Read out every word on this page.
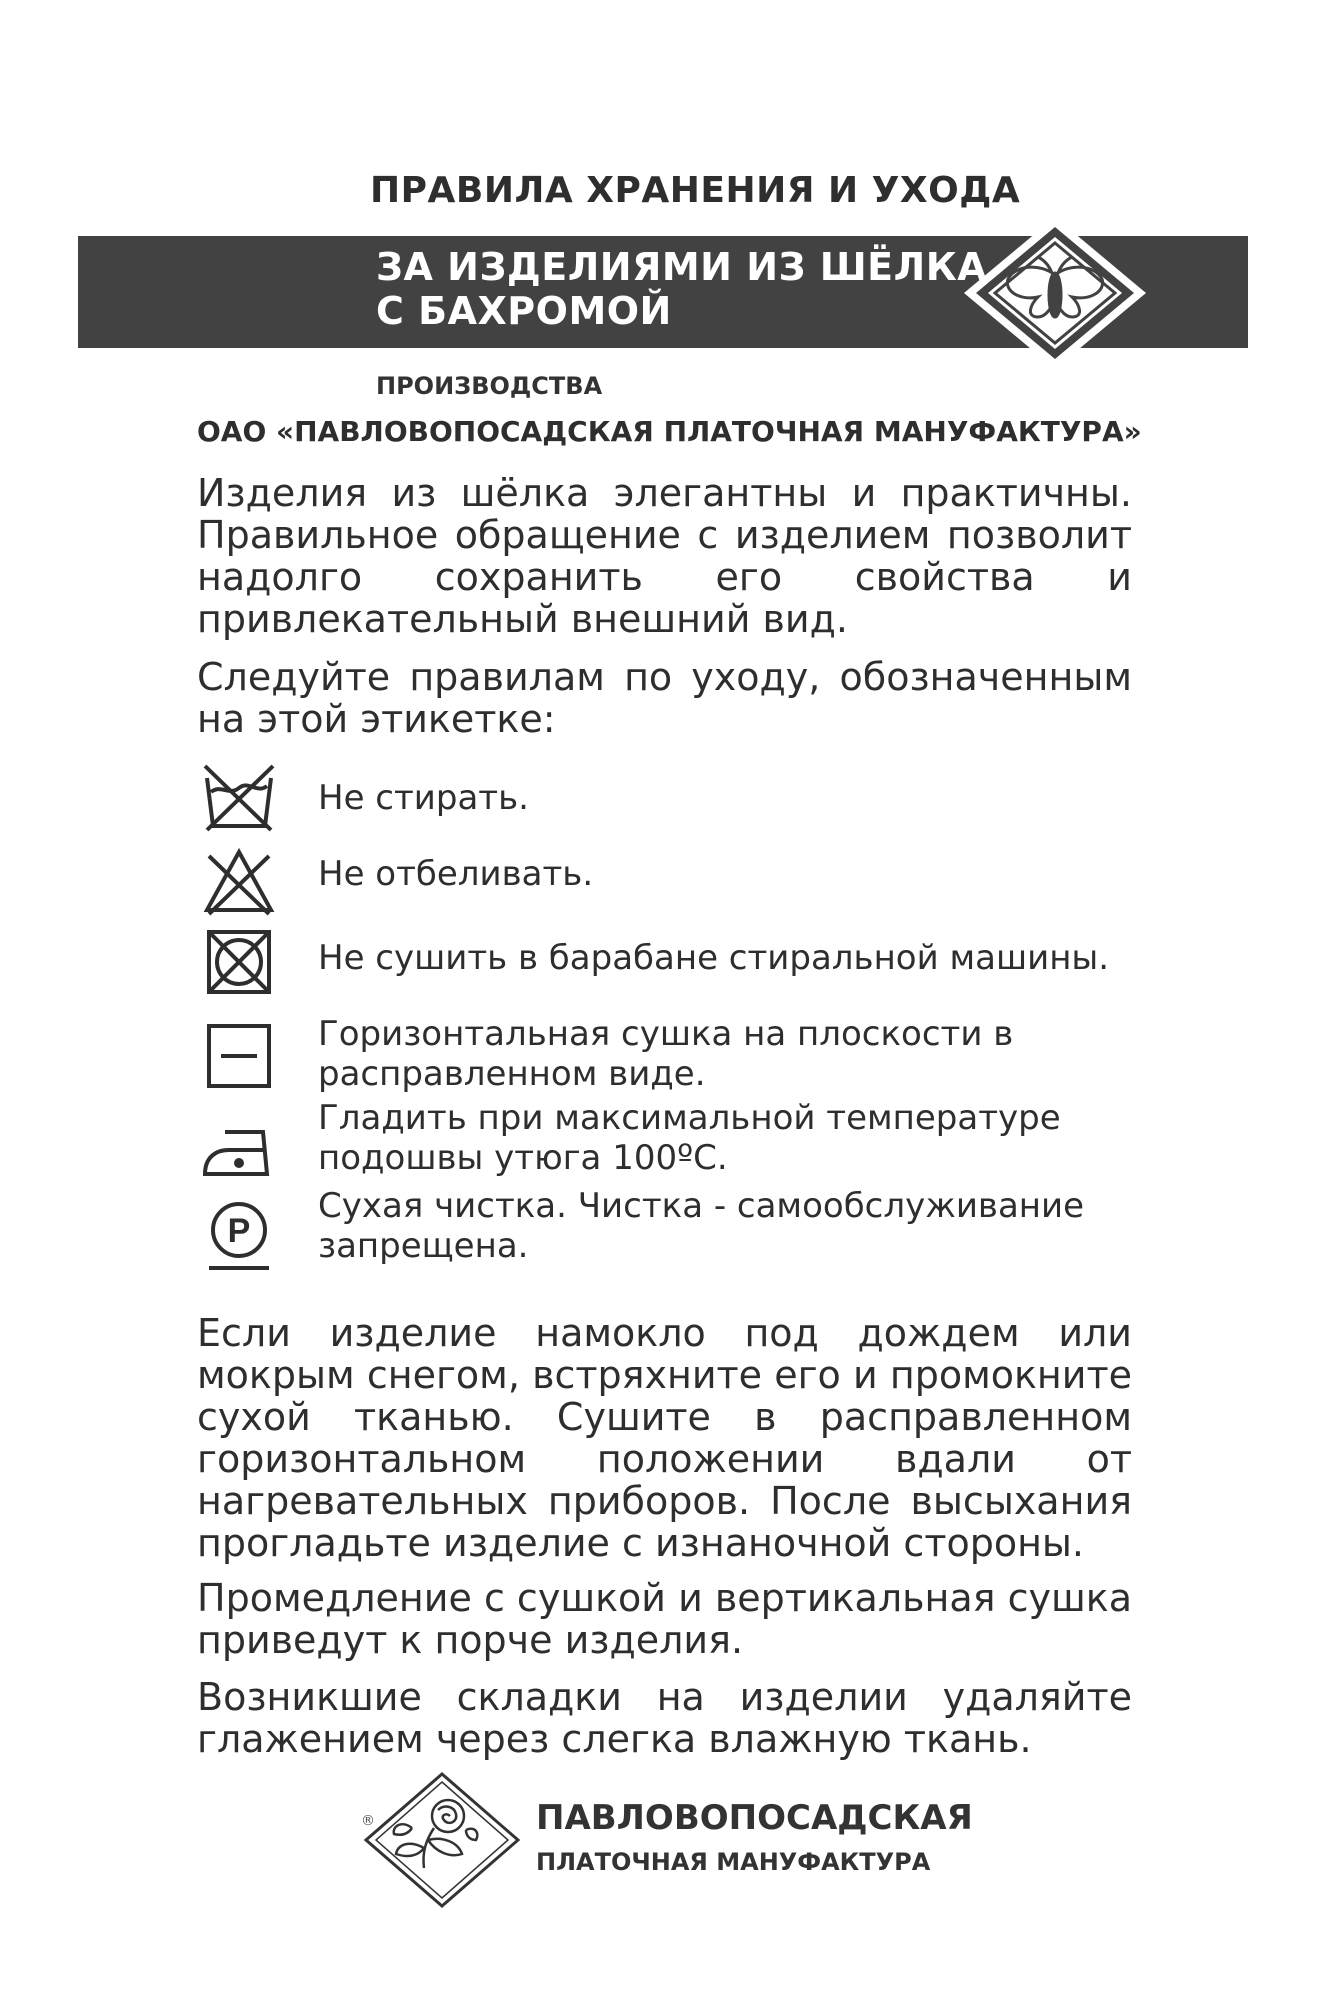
ПРАВИЛА ХРАНЕНИЯ И УХОДА
ЗА ИЗДЕЛИЯМИ ИЗ ШЁЛКА
С БАХРОМОЙ
ПРОИЗВОДСТВА
ОАО «ПАВЛОВОПОСАДСКАЯ ПЛАТОЧНАЯ МАНУФАКТУРА»
Изделия из шёлка элегантны и практичны. Правильное обращение с изделием позволит надолго сохранить его свойства и привлекательный внешний вид.
Следуйте правилам по уходу, обозначенным на этой этикетке:
Не стирать.
Не отбеливать.
Не сушить в барабане стиральной машины.
Горизонтальная сушка на плоскости в расправленном виде.
Гладить при максимальной температуре подошвы утюга 100ºС.
P
Сухая чистка. Чистка - самообслуживание запрещена.
Если изделие намокло под дождем или мокрым снегом, встряхните его и промокните сухой тканью. Сушите в расправленном горизонтальном положении вдали от нагревательных приборов. После высыхания прогладьте изделие с изнаночной стороны.
Промедление с сушкой и вертикальная сушка приведут к порче изделия.
Возникшие складки на изделии удаляйте глажением через слегка влажную ткань.
®	ПАВЛОВОПОСАДСКАЯ
ПЛАТОЧНАЯ МАНУФАКТУРА
